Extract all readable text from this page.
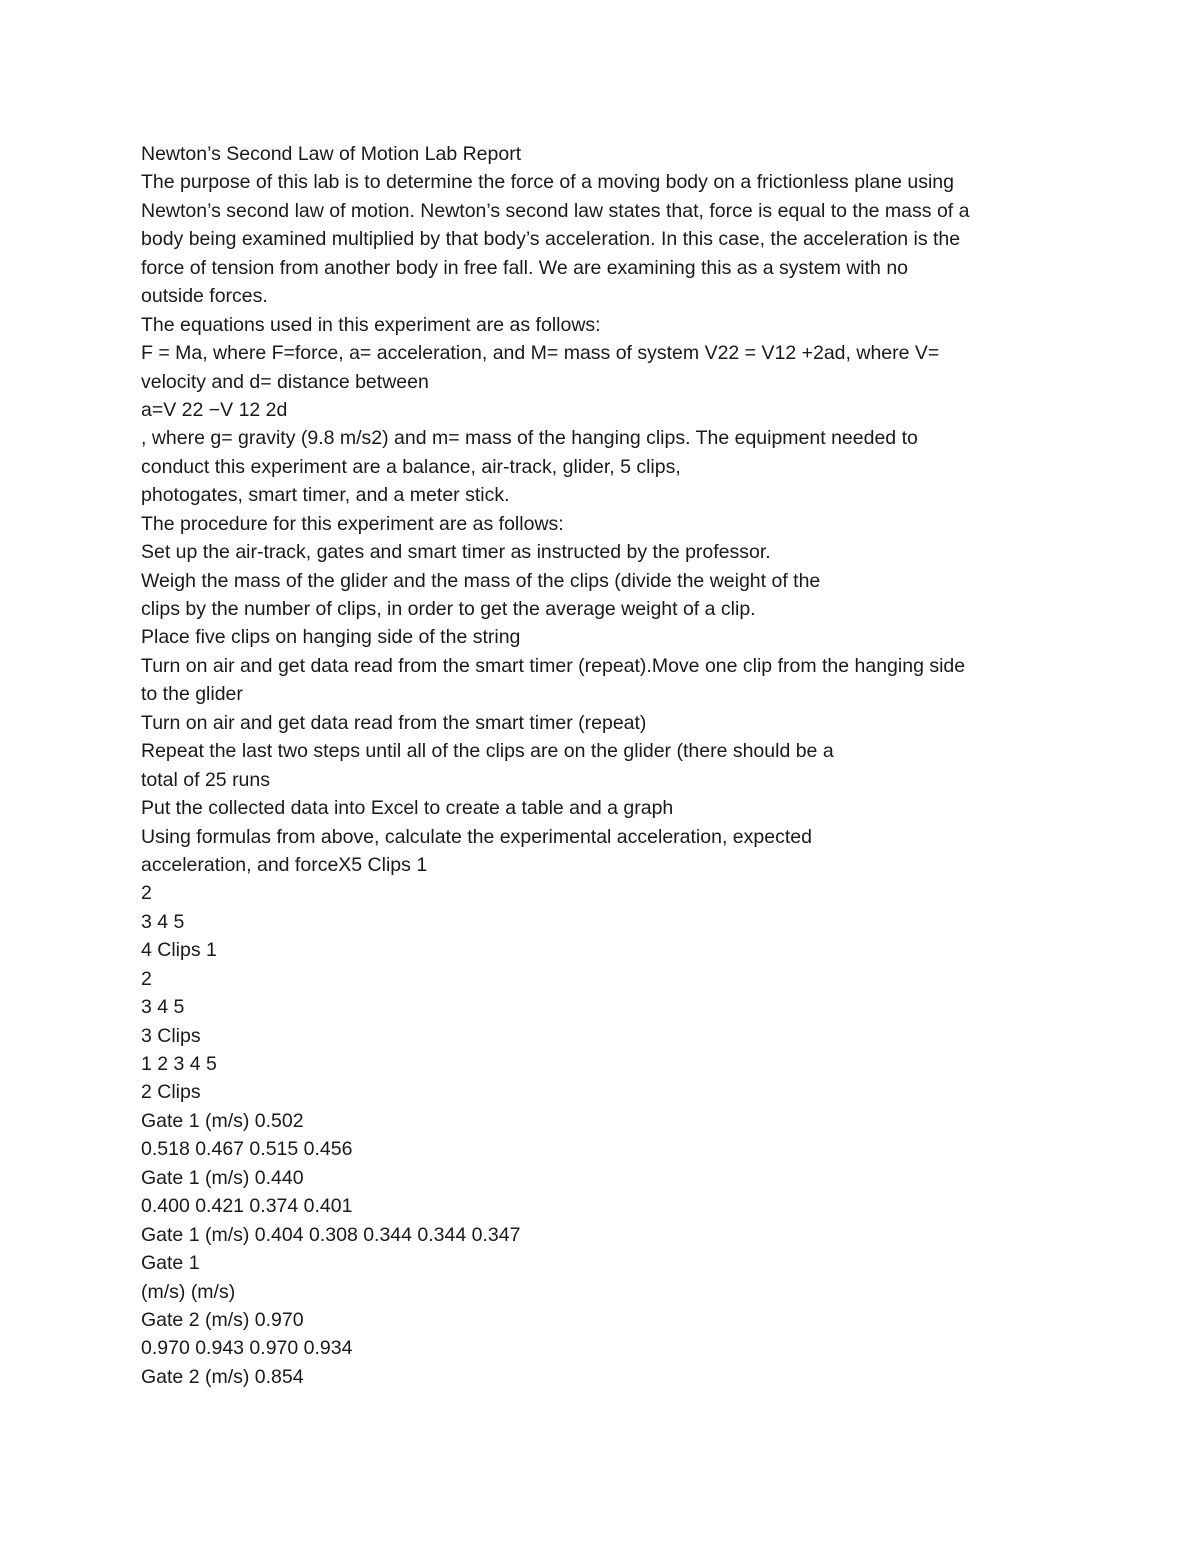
Newton’s Second Law of Motion Lab Report
The purpose of this lab is to determine the force of a moving body on a frictionless plane using
Newton’s second law of motion. Newton’s second law states that, force is equal to the mass of a
body being examined multiplied by that body’s acceleration. In this case, the acceleration is the
force of tension from another body in free fall. We are examining this as a system with no
outside forces.
The equations used in this experiment are as follows:
F = Ma, where F=force, a= acceleration, and M= mass of system V22 = V12 +2ad, where V=
velocity and d= distance between
a=V 22 −V 12 2d
, where g= gravity (9.8 m/s2) and m= mass of the hanging clips. The equipment needed to
conduct this experiment are a balance, air-track, glider, 5 clips,
photogates, smart timer, and a meter stick.
The procedure for this experiment are as follows:
Set up the air-track, gates and smart timer as instructed by the professor.
Weigh the mass of the glider and the mass of the clips (divide the weight of the
clips by the number of clips, in order to get the average weight of a clip.
Place five clips on hanging side of the string
Turn on air and get data read from the smart timer (repeat).Move one clip from the hanging side
to the glider
Turn on air and get data read from the smart timer (repeat)
Repeat the last two steps until all of the clips are on the glider (there should be a
total of 25 runs
Put the collected data into Excel to create a table and a graph
Using formulas from above, calculate the experimental acceleration, expected
acceleration, and forceX5 Clips 1
2
3 4 5
4 Clips 1
2
3 4 5
3 Clips
1 2 3 4 5
2 Clips
Gate 1 (m/s) 0.502
0.518 0.467 0.515 0.456
Gate 1 (m/s) 0.440
0.400 0.421 0.374 0.401
Gate 1 (m/s) 0.404 0.308 0.344 0.344 0.347
Gate 1
(m/s) (m/s)
Gate 2 (m/s) 0.970
0.970 0.943 0.970 0.934
Gate 2 (m/s) 0.854
